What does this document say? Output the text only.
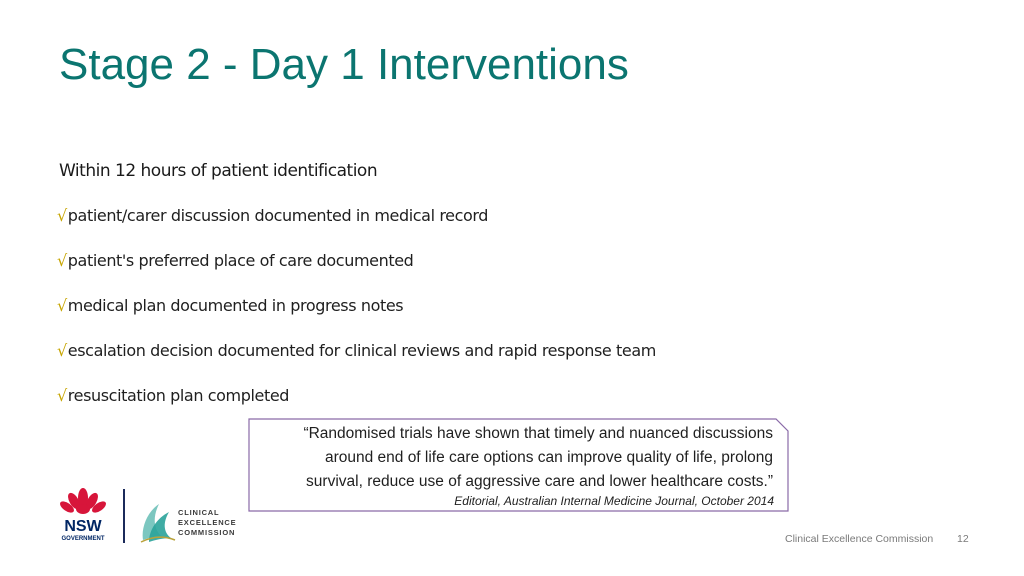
Stage 2 - Day 1 Interventions
Within 12 hours of patient identification
√ patient/carer discussion documented in medical record
√ patient's preferred place of care documented
√ medical plan documented in progress notes
√ escalation decision documented for clinical reviews and rapid response team
√ resuscitation plan completed
“Randomised trials have shown that timely and nuanced discussions
around end of life care options can improve quality of life, prolong
survival, reduce use of aggressive care and lower healthcare costs.”
Editorial, Australian Internal Medicine Journal, October 2014
NSW
GOVERNMENT
CLINICAL
EXCELLENCE
COMMISSION
Clinical Excellence Commission 12
